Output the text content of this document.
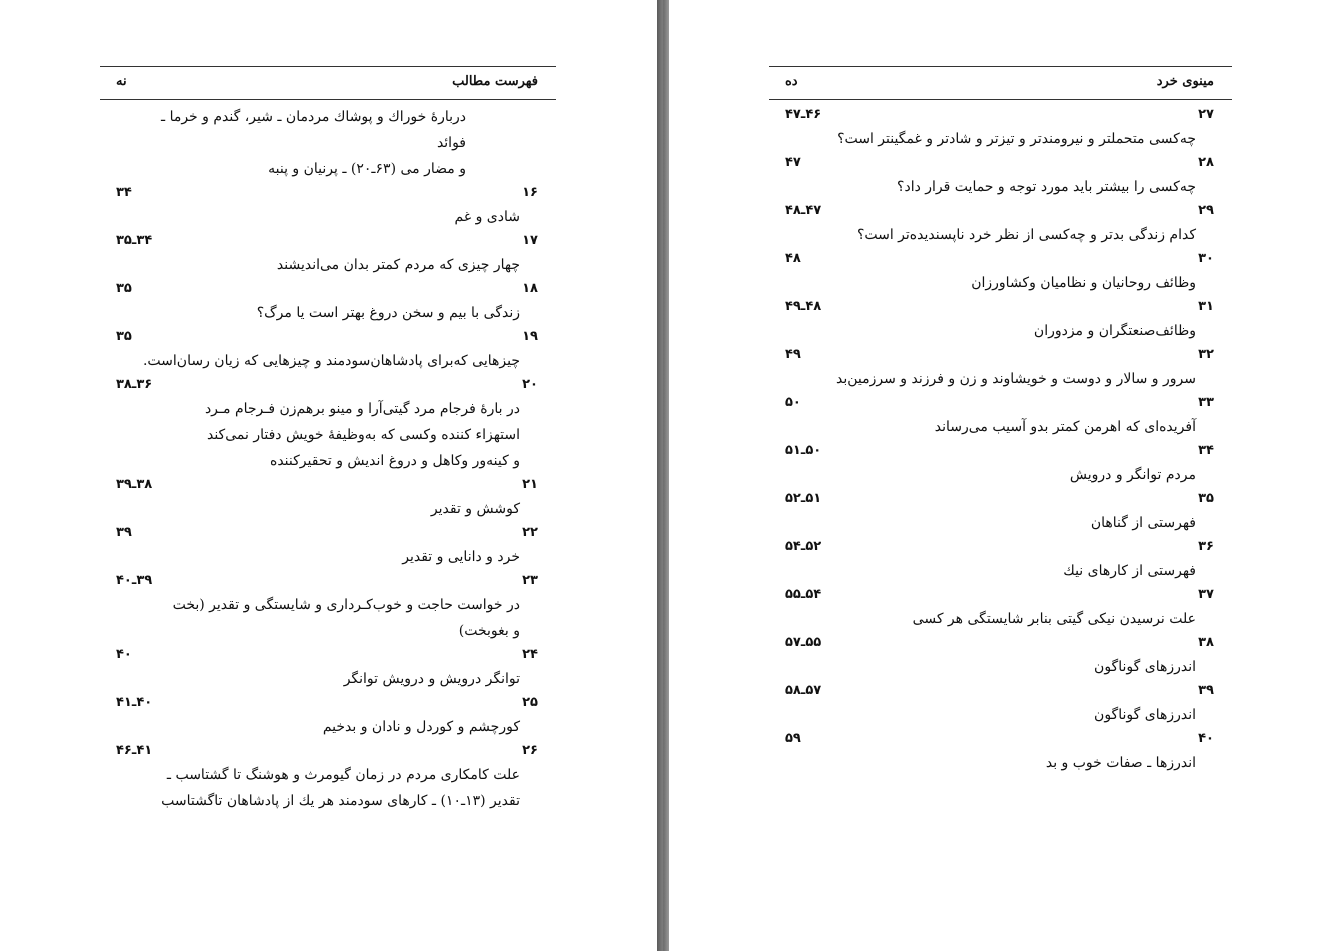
فهرست مطالب
نه
دربارهٔ خوراك و پوشاك مردمان ـ شیر، گندم و خرما ـ فوائد
و مضار می (۶۳ـ۲۰) ـ پرنیان و پنبه
۱۶
۳۴
شادی و غم
۱۷
۳۴ـ۳۵
چهار چیزی که مردم کمتر بدان می‌اندیشند
۱۸
۳۵
زندگی با بیم و سخن دروغ بهتر است یا مرگ؟
۱۹
۳۵
چیزهایی که‌برای پادشاهان‌سودمند و چیزهایی که زیان رسان‌است.
۲۰
۳۶ـ۳۸
در بارهٔ فرجام مرد گیتی‌آرا و مینو برهم‌زن فـرجام مـرد
استهزاء کننده وکسی که به‌وظیفهٔ خویش دفتار نمی‌کند
و کینه‌ور وکاهل و دروغ اندیش و تحقیرکننده
۲۱
۳۸ـ۳۹
کوشش و تقدیر
۲۲
۳۹
خرد و دانایی و تقدیر
۲۳
۳۹ـ۴۰
در خواست حاجت و خوب‌کـرداری و شایستگی و تقدیر (بخت
و بغوبخت)
۲۴
۴۰
توانگر درویش و درویش توانگر
۲۵
۴۰ـ۴۱
کورچشم و کوردل و نادان و بدخیم
۲۶
۴۱ـ۴۶
علت کامکاری مردم در زمان گیومرث و هوشنگ تا گشتاسب ـ
تقدیر (۱۳ـ۱۰) ـ کارهای سودمند هر یك از پادشاهان تاگشتاسب
مینوی خرد
ده
۲۷
۴۶ـ۴۷
چه‌کسی متحملتر و نیرومندتر و تیزتر و شادتر و غمگینتر است؟
۲۸
۴۷
چه‌کسی را بیشتر باید مورد توجه و حمایت قرار داد؟
۲۹
۴۷ـ۴۸
کدام زندگی بدتر و چه‌کسی از نظر خرد ناپسندیده‌تر است؟
۳۰
۴۸
وظائف روحانیان و نظامیان وکشاورزان
۳۱
۴۸ـ۴۹
وظائف‌صنعتگران و مزدوران
۳۲
۴۹
سرور و سالار و دوست و خویشاوند و زن و فرزند و سرزمین‌بد
۳۳
۵۰
آفریده‌ای که اهرمن کمتر بدو آسیب می‌رساند
۳۴
۵۰ـ۵۱
مردم توانگر و درویش
۳۵
۵۱ـ۵۲
فهرستی از گناهان
۳۶
۵۲ـ۵۴
فهرستی از کارهای نیك
۳۷
۵۴ـ۵۵
علت نرسیدن نیکی گیتی بنابر شایستگی هر کسی
۳۸
۵۵ـ۵۷
اندرزهای گوناگون
۳۹
۵۷ـ۵۸
اندرزهای گوناگون
۴۰
۵۹
اندرزها ـ صفات خوب و بد
